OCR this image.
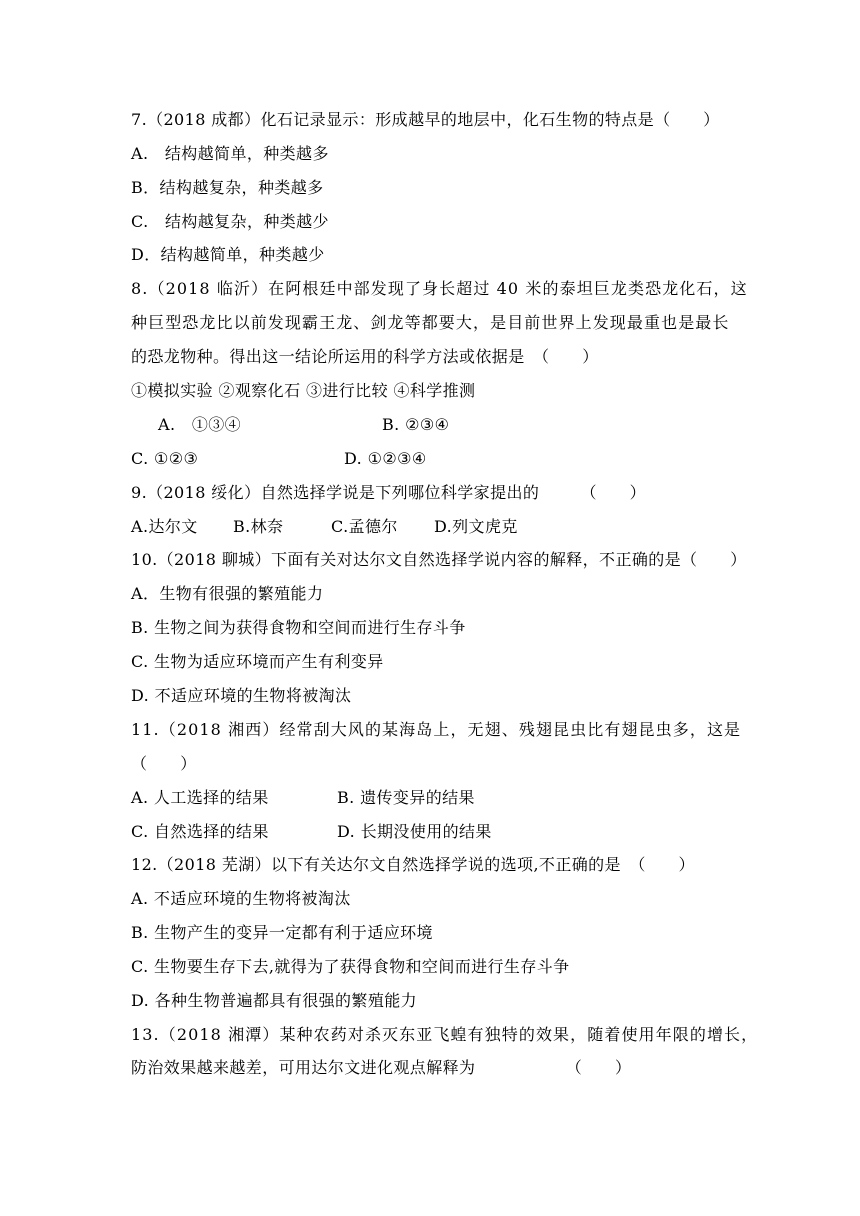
7.（2018 成都）化石记录显示：形成越早的地层中，化石生物的特点是（　　）
A.　结构越简单，种类越多
B．结构越复杂，种类越多
C.　结构越复杂，种类越少
D．结构越简单，种类越少
8.（2018 临沂）在阿根廷中部发现了身长超过 40 米的泰坦巨龙类恐龙化石，这
种巨型恐龙比以前发现霸王龙、剑龙等都要大，是目前世界上发现最重也是最长
的恐龙物种。得出这一结论所运用的科学方法或依据是　（　　）
①模拟实验 ②观察化石 ③进行比较 ④科学推测
A.　①③④	B. ②③④
C. ①②③	D. ①②③④
9.（2018 绥化）自然选择学说是下列哪位科学家提出的　　　（　　）
A.达尔文 B.林奈	C.孟德尔 D.列文虎克
10.（2018 聊城）下面有关对达尔文自然选择学说内容的解释，不正确的是（　　）
A．生物有很强的繁殖能力
B. 生物之间为获得食物和空间而进行生存斗争
C. 生物为适应环境而产生有利变异
D. 不适应环境的生物将被淘汰
11.（2018 湘西）经常刮大风的某海岛上，无翅、残翅昆虫比有翅昆虫多，这是
（　　）
A. 人工选择的结果	B. 遗传变异的结果
C. 自然选择的结果	D. 长期没使用的结果
12.（2018 芜湖）以下有关达尔文自然选择学说的选项,不正确的是　（　　）
A. 不适应环境的生物将被淘汰
B. 生物产生的变异一定都有利于适应环境
C. 生物要生存下去,就得为了获得食物和空间而进行生存斗争
D. 各种生物普遍都具有很强的繁殖能力
13.（2018 湘潭）某种农药对杀灭东亚飞蝗有独特的效果，随着使用年限的增长，
防治效果越来越差，可用达尔文进化观点解释为　　　　　　（　　）
